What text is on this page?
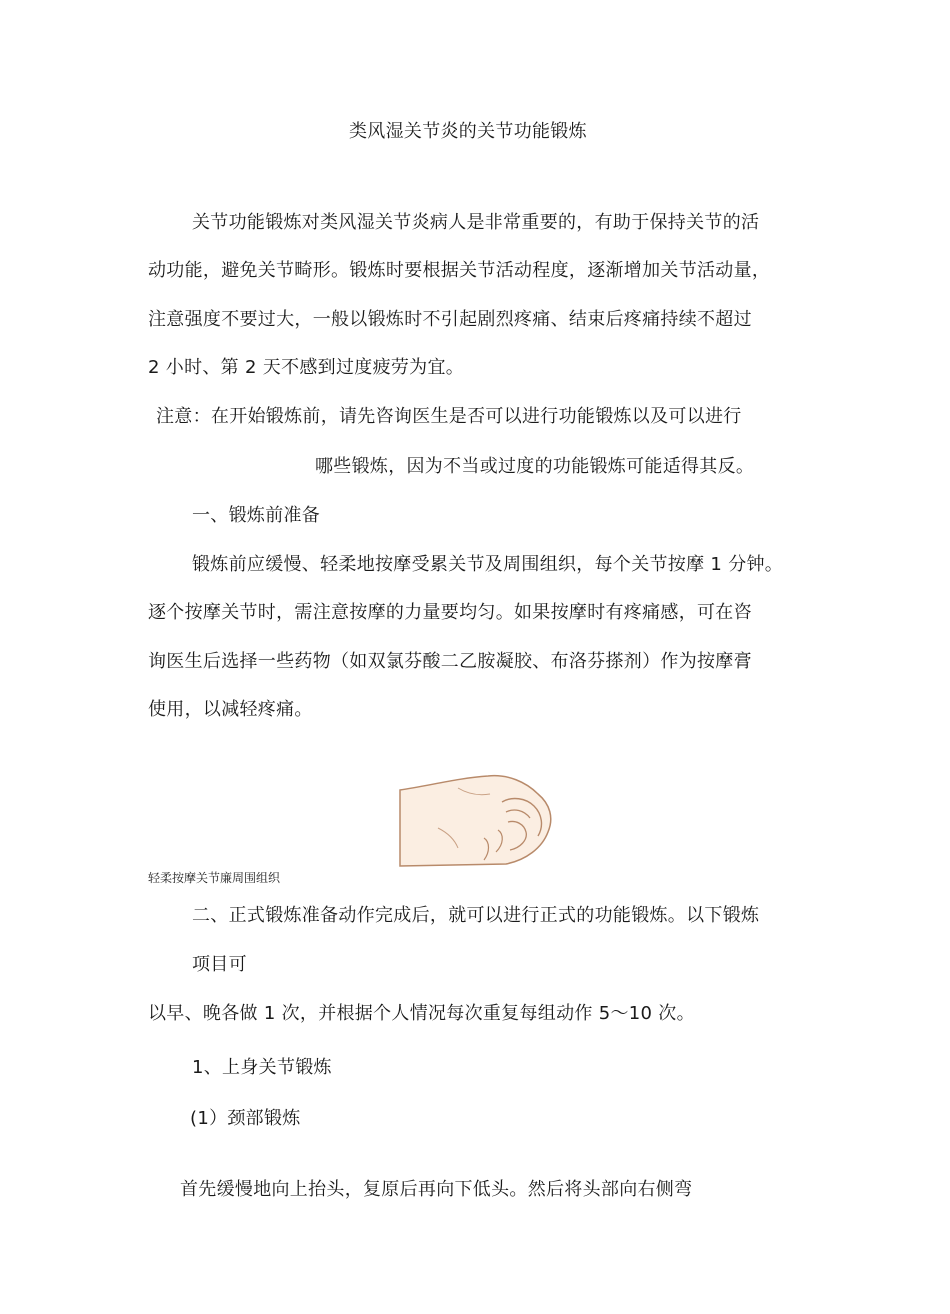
类风湿关节炎的关节功能锻炼
关节功能锻炼对类风湿关节炎病人是非常重要的，有助于保持关节的活
动功能，避免关节畸形。锻炼时要根据关节活动程度，逐渐增加关节活动量，
注意强度不要过大，一般以锻炼时不引起剧烈疼痛、结束后疼痛持续不超过
2 小时、第 2 天不感到过度疲劳为宜。
注意：在开始锻炼前，请先咨询医生是否可以进行功能锻炼以及可以进行
哪些锻炼，因为不当或过度的功能锻炼可能适得其反。
一、锻炼前准备
锻炼前应缓慢、轻柔地按摩受累关节及周围组织，每个关节按摩 1 分钟。
逐个按摩关节时，需注意按摩的力量要均匀。如果按摩时有疼痛感，可在咨
询医生后选择一些药物（如双氯芬酸二乙胺凝胶、布洛芬搽剂）作为按摩膏
使用，以减轻疼痛。
轻柔按摩关节廉周围组织
二、正式锻炼准备动作完成后，就可以进行正式的功能锻炼。以下锻炼
项目可
以早、晚各做 1 次，并根据个人情况每次重复每组动作 5〜10 次。
1、上身关节锻炼
(1）颈部锻炼
首先缓慢地向上抬头，复原后再向下低头。然后将头部向右侧弯
